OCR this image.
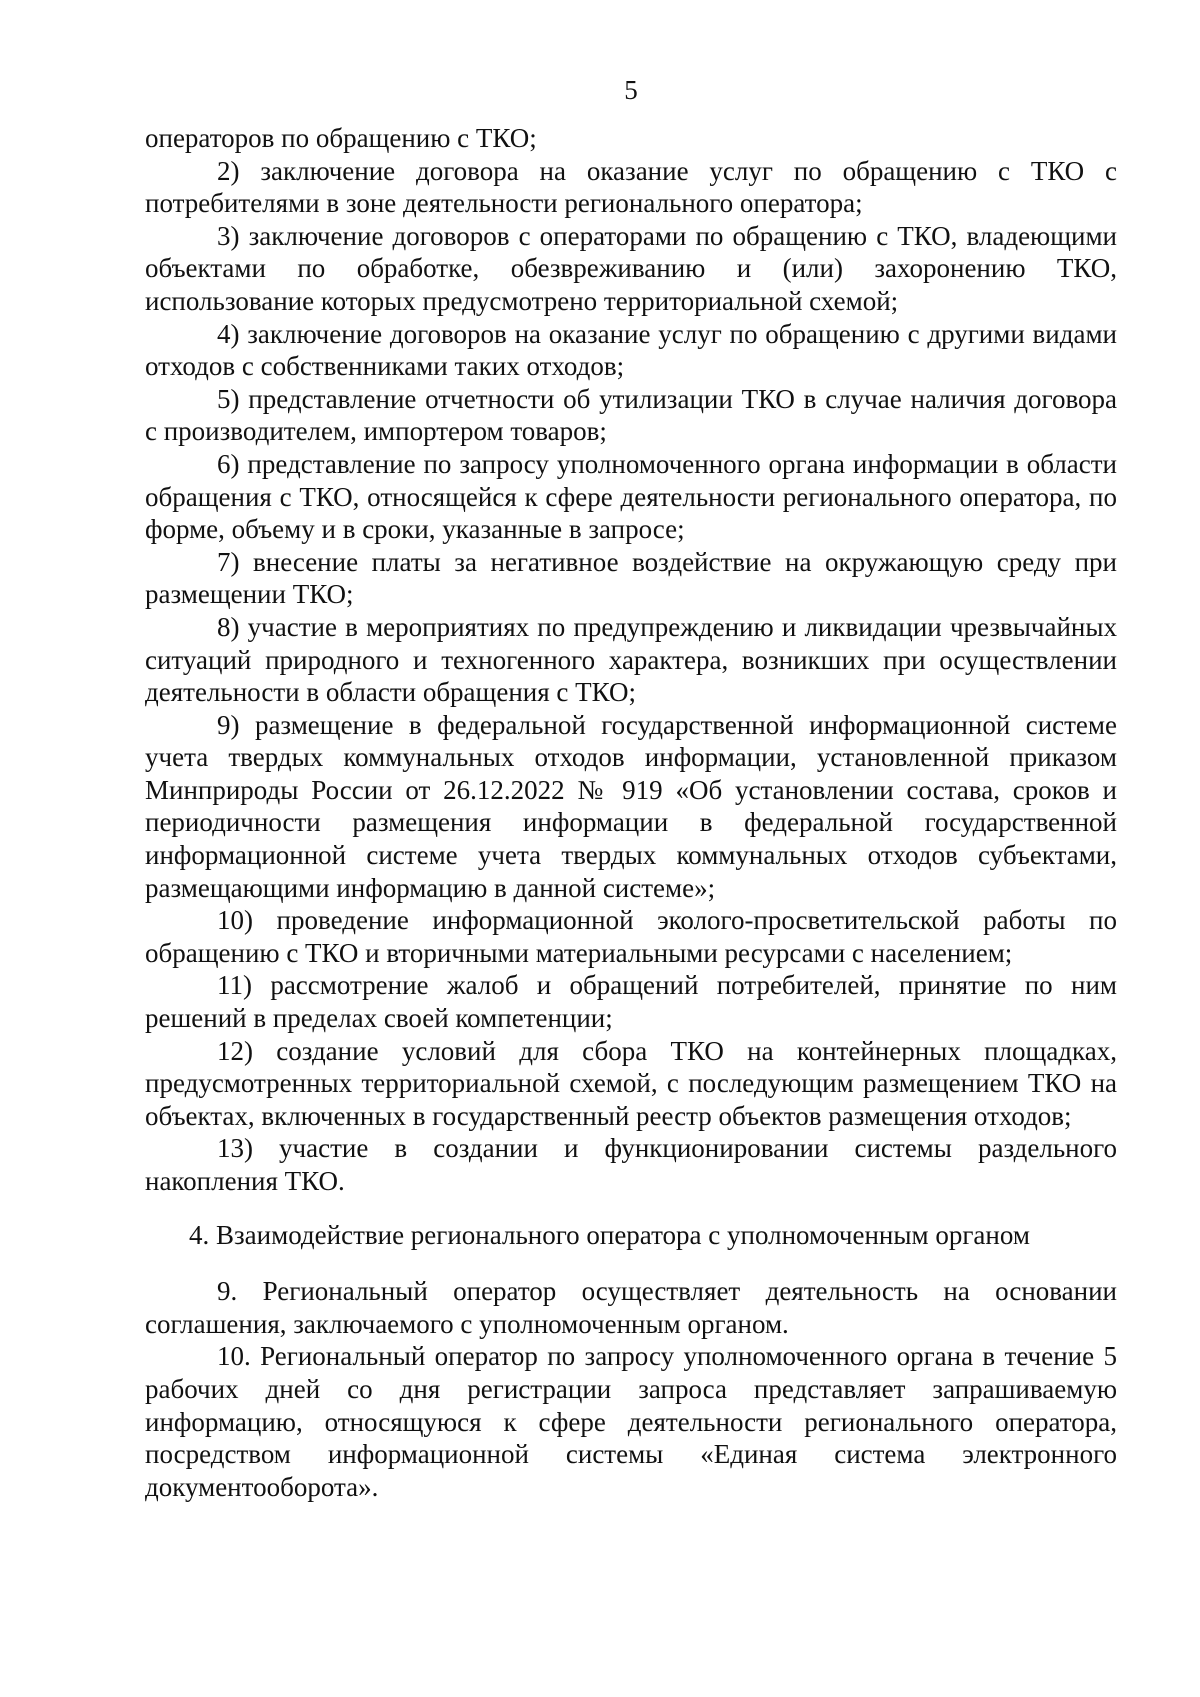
5

операторов по обращению с ТКО;

2) заключение договора на оказание услуг по обращению с ТКО с потребителями в зоне деятельности регионального оператора;

3) заключение договоров с операторами по обращению с ТКО, владеющими объектами по обработке, обезвреживанию и (или) захоронению ТКО, использование которых предусмотрено территориальной схемой;

4) заключение договоров на оказание услуг по обращению с другими видами отходов с собственниками таких отходов;

5) представление отчетности об утилизации ТКО в случае наличия договора с производителем, импортером товаров;

6) представление по запросу уполномоченного органа информации в области обращения с ТКО, относящейся к сфере деятельности регионального оператора, по форме, объему и в сроки, указанные в запросе;

7) внесение платы за негативное воздействие на окружающую среду при размещении ТКО;

8) участие в мероприятиях по предупреждению и ликвидации чрезвычайных ситуаций природного и техногенного характера, возникших при осуществлении деятельности в области обращения с ТКО;

9) размещение в федеральной государственной информационной системе учета твердых коммунальных отходов информации, установленной приказом Минприроды России от 26.12.2022 № 919 «Об установлении состава, сроков и периодичности размещения информации в федеральной государственной информационной системе учета твердых коммунальных отходов субъектами, размещающими информацию в данной системе»;

10) проведение информационной эколого-просветительской работы по обращению с ТКО и вторичными материальными ресурсами с населением;

11) рассмотрение жалоб и обращений потребителей, принятие по ним решений в пределах своей компетенции;

12) создание условий для сбора ТКО на контейнерных площадках, предусмотренных территориальной схемой, с последующим размещением ТКО на объектах, включенных в государственный реестр объектов размещения отходов;

13) участие в создании и функционировании системы раздельного накопления ТКО.

4. Взаимодействие регионального оператора с уполномоченным органом

9. Региональный оператор осуществляет деятельность на основании соглашения, заключаемого с уполномоченным органом.

10. Региональный оператор по запросу уполномоченного органа в течение 5 рабочих дней со дня регистрации запроса представляет запрашиваемую информацию, относящуюся к сфере деятельности регионального оператора, посредством информационной системы «Единая система электронного документооборота».
